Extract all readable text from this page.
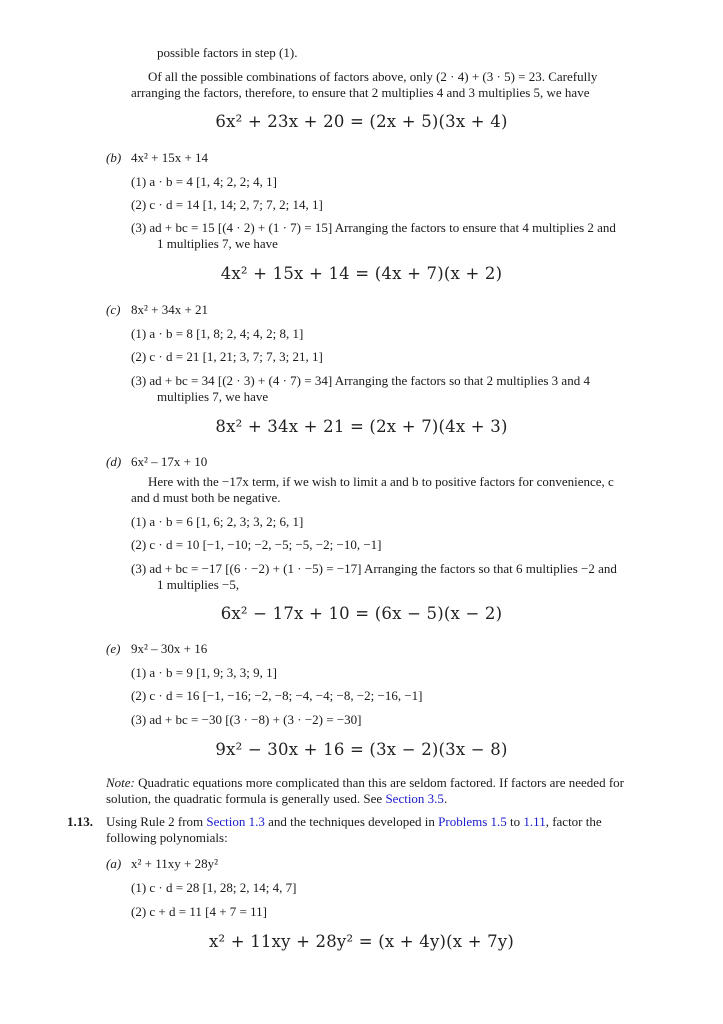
possible factors in step (1).
Of all the possible combinations of factors above, only (2 · 4) + (3 · 5) = 23. Carefully
arranging the factors, therefore, to ensure that 2 multiplies 4 and 3 multiplies 5, we have
6x² + 23x + 20 = (2x + 5)(3x + 4)
(b) 4x² + 15x + 14
(1) a · b = 4 [1, 4; 2, 2; 4, 1]
(2) c · d = 14 [1, 14; 2, 7; 7, 2; 14, 1]
(3) ad + bc = 15 [(4 · 2) + (1 · 7) = 15] Arranging the factors to ensure that 4 multiplies 2 and
1 multiplies 7, we have
4x² + 15x + 14 = (4x + 7)(x + 2)
(c) 8x² + 34x + 21
(1) a · b = 8 [1, 8; 2, 4; 4, 2; 8, 1]
(2) c · d = 21 [1, 21; 3, 7; 7, 3; 21, 1]
(3) ad + bc = 34 [(2 · 3) + (4 · 7) = 34] Arranging the factors so that 2 multiplies 3 and 4
multiplies 7, we have
8x² + 34x + 21 = (2x + 7)(4x + 3)
(d) 6x² – 17x + 10
Here with the −17x term, if we wish to limit a and b to positive factors for convenience, c
and d must both be negative.
(1) a · b = 6 [1, 6; 2, 3; 3, 2; 6, 1]
(2) c · d = 10 [−1, −10; −2, −5; −5, −2; −10, −1]
(3) ad + bc = −17 [(6 · −2) + (1 · −5) = −17] Arranging the factors so that 6 multiplies −2 and
1 multiplies −5,
6x² − 17x + 10 = (6x − 5)(x − 2)
(e) 9x² – 30x + 16
(1) a · b = 9 [1, 9; 3, 3; 9, 1]
(2) c · d = 16 [−1, −16; −2, −8; −4, −4; −8, −2; −16, −1]
(3) ad + bc = −30 [(3 · −8) + (3 · −2) = −30]
9x² − 30x + 16 = (3x − 2)(3x − 8)
Note: Quadratic equations more complicated than this are seldom factored. If factors are needed for
solution, the quadratic formula is generally used. See Section 3.5.
1.13. Using Rule 2 from Section 1.3 and the techniques developed in Problems 1.5 to 1.11, factor the
following polynomials:
(a) x² + 11xy + 28y²
(1) c · d = 28 [1, 28; 2, 14; 4, 7]
(2) c + d = 11 [4 + 7 = 11]
x² + 11xy + 28y² = (x + 4y)(x + 7y)
